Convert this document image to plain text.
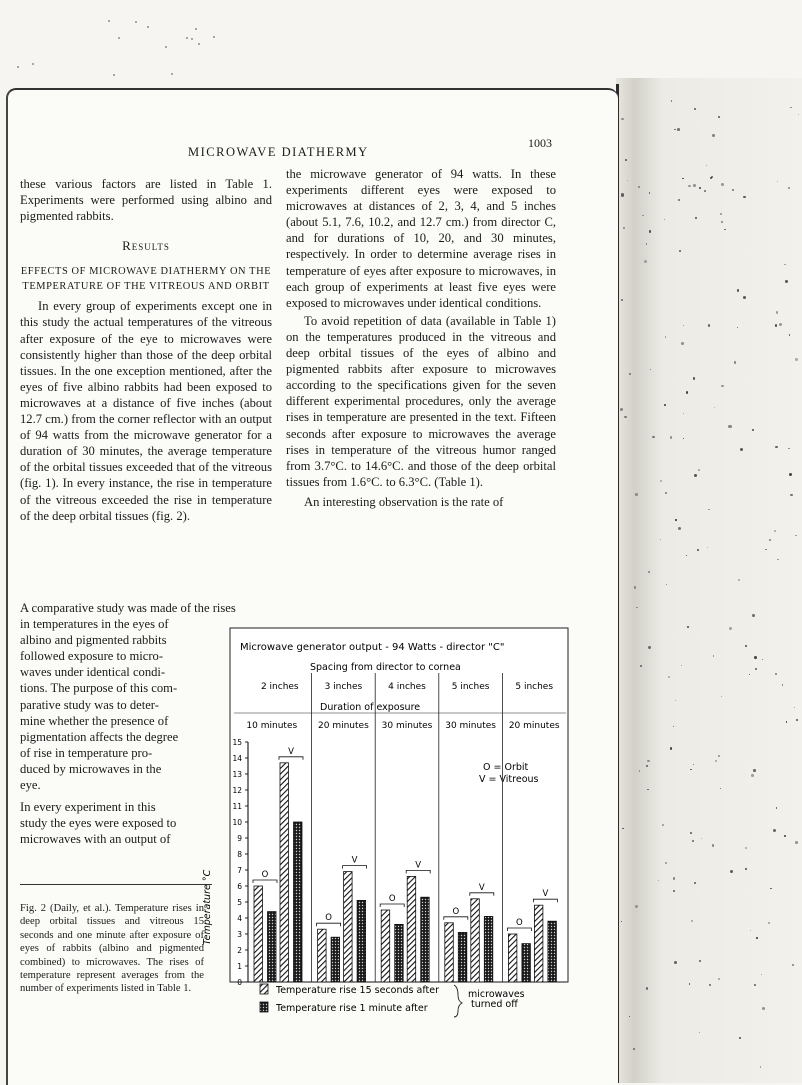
MICROWAVE DIATHERMY
1003

these various factors are listed in Table 1. Experiments were performed using albino and pigmented rabbits.

Results

EFFECTS OF MICROWAVE DIATHERMY ON THE TEMPERATURE OF THE VITREOUS AND ORBIT

In every group of experiments except one in this study the actual temperatures of the vitreous after exposure of the eye to microwaves were consistently higher than those of the deep orbital tissues. In the one exception mentioned, after the eyes of five albino rabbits had been exposed to microwaves at a distance of five inches (about 12.7 cm.) from the corner reflector with an output of 94 watts from the microwave generator for a duration of 30 minutes, the average temperature of the orbital tissues exceeded that of the vitreous (fig. 1). In every instance, the rise in temperature of the vitreous exceeded the rise in temperature of the deep orbital tissues (fig. 2).

the microwave generator of 94 watts. In these experiments different eyes were exposed to microwaves at distances of 2, 3, 4, and 5 inches (about 5.1, 7.6, 10.2, and 12.7 cm.) from director C, and for durations of 10, 20, and 30 minutes, respectively. In order to determine average rises in temperature of eyes after exposure to microwaves, in each group of experiments at least five eyes were exposed to microwaves under identical conditions.

To avoid repetition of data (available in Table 1) on the temperatures produced in the vitreous and deep orbital tissues of the eyes of albino and pigmented rabbits after exposure to microwaves according to the specifications given for the seven different experimental procedures, only the average rises in temperature are presented in the text. Fifteen seconds after exposure to microwaves the average rises in temperature of the vitreous humor ranged from 3.7°C. to 14.6°C. and those of the deep orbital tissues from 1.6°C. to 6.3°C. (Table 1).

An interesting observation is the rate of

A comparative study was made of the rises

in temperatures in the eyes of

albino and pigmented rabbits

followed exposure to micro-

waves under identical condi-

tions. The purpose of this com-

parative study was to deter-

mine whether the presence of

pigmentation affects the degree

of rise in temperature pro-

duced by microwaves in the

eye.

In every experiment in this

study the eyes were exposed to

microwaves with an output of

Fig. 2 (Daily, et al.). Temperature rises in deep orbital tissues and vitreous 15 seconds and one minute after exposure of eyes of rabbits (albino and pigmented combined) to microwaves. The rises of temperature represent averages from the number of experiments listed in Table 1.
Microwave generator output - 94 Watts - director "C"
Spacing from director to cornea
Duration of exposure
Temperature °C
O = Orbit
V = Vitreous
0
1
2
3
4
5
6
7
8
9
10
11
12
13
14
15
2 inches
10 minutes
O
V
3 inches
20 minutes
O
V
4 inches
30 minutes
O
V
5 inches
30 minutes
O
V
5 inches
20 minutes
O
V
Temperature rise 15 seconds after
Temperature rise 1 minute after
microwaves turned off
